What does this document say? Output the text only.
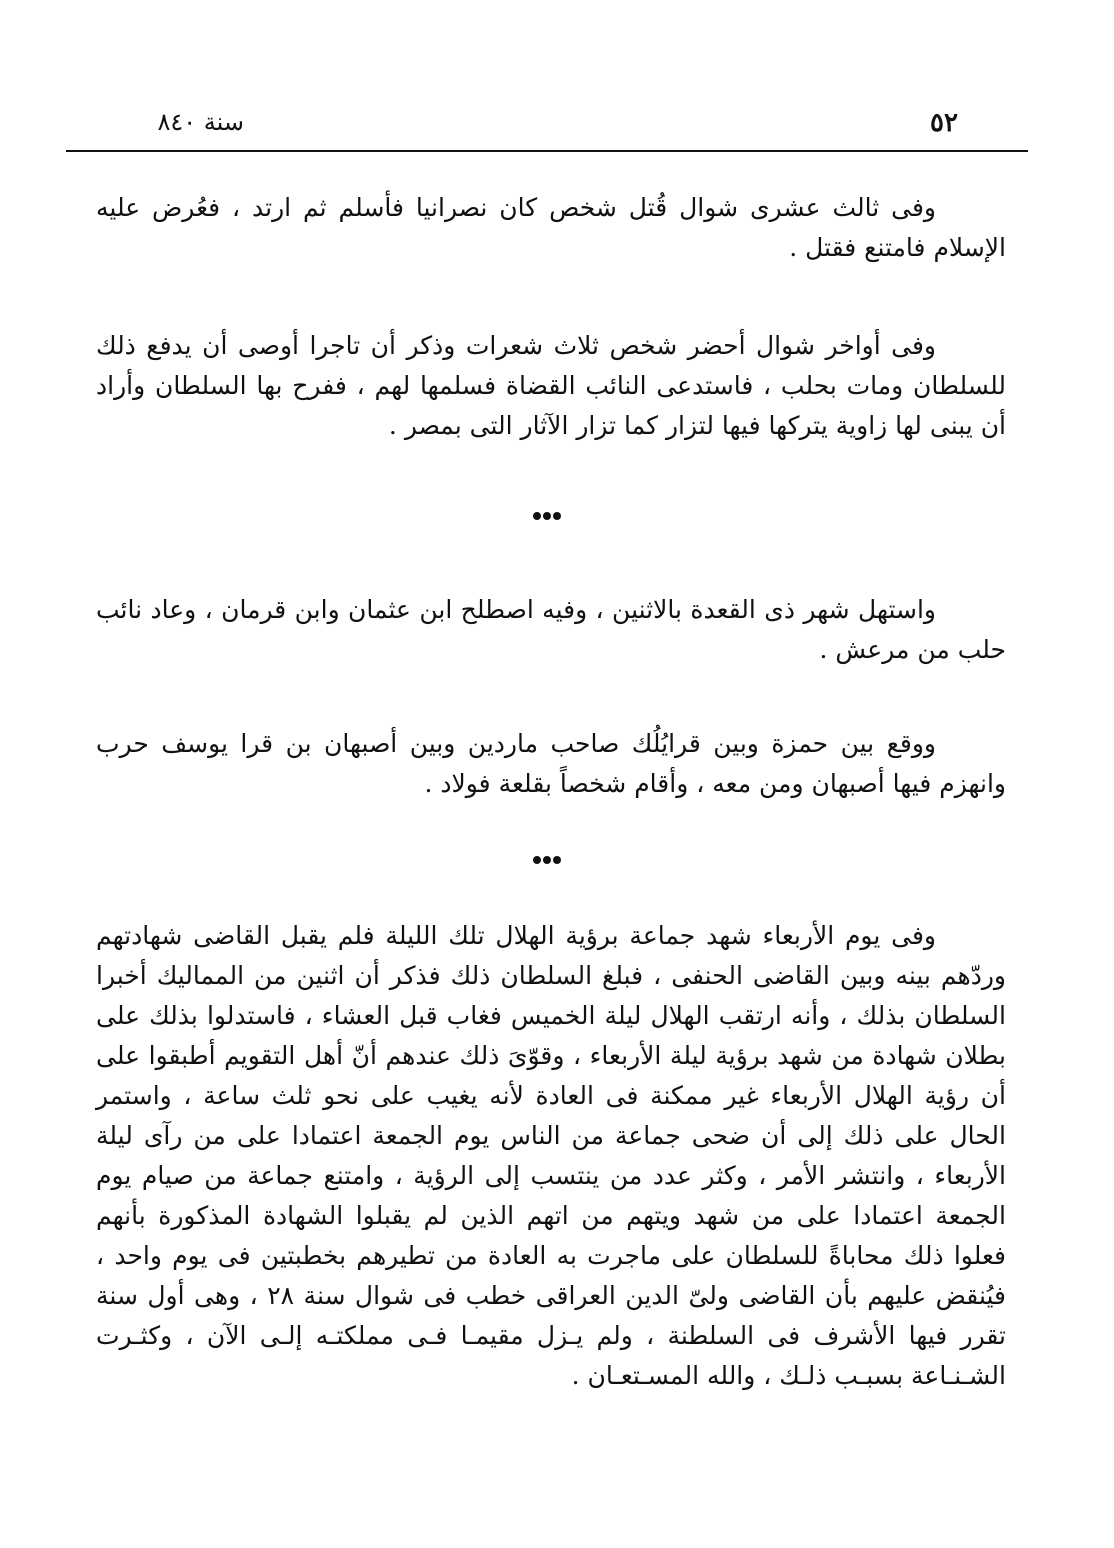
٥٢
سنة ٨٤٠
وفى ثالث عشرى شوال قُتل شخص كان نصرانيا فأسلم ثم ارتد ، فعُرض عليه الإسلام فامتنع فقتل .
وفى أواخر شوال أحضر شخص ثلاث شعرات وذكر أن تاجرا أوصى أن يدفع ذلك للسلطان ومات بحلب ، فاستدعى النائب القضاة فسلمها لهم ، ففرح بها السلطان وأراد أن يبنى لها زاوية يتركها فيها لتزار كما تزار الآثار التى بمصر .
واستهل شهر ذى القعدة بالاثنين ، وفيه اصطلح ابن عثمان وابن قرمان ، وعاد نائب حلب من مرعش .
ووقع بين حمزة وبين قرايُلُك صاحب ماردين وبين أصبهان بن قرا يوسف حرب وانهزم فيها أصبهان ومن معه ، وأقام شخصاً بقلعة فولاد .
وفى يوم الأربعاء شهد جماعة برؤية الهلال تلك الليلة فلم يقبل القاضى شهادتهم وردّهم بينه وبين القاضى الحنفى ، فبلغ السلطان ذلك فذكر أن اثنين من المماليك أخبرا السلطان بذلك ، وأنه ارتقب الهلال ليلة الخميس فغاب قبل العشاء ، فاستدلوا بذلك على بطلان شهادة من شهد برؤية ليلة الأربعاء ، وقوّىَ ذلك عندهم أنّ أهل التقويم أطبقوا على أن رؤية الهلال الأربعاء غير ممكنة فى العادة لأنه يغيب على نحو ثلث ساعة ، واستمر الحال على ذلك إلى أن ضحى جماعة من الناس يوم الجمعة اعتمادا على من رآى ليلة الأربعاء ، وانتشر الأمر ، وكثر عدد من ينتسب إلى الرؤية ، وامتنع جماعة من صيام يوم الجمعة اعتمادا على من شهد ويتهم من اتهم الذين لم يقبلوا الشهادة المذكورة بأنهم فعلوا ذلك محاباةً للسلطان على ماجرت به العادة من تطيرهم بخطبتين فى يوم واحد ، فيُنقض عليهم بأن القاضى ولىّ الدين العراقى خطب فى شوال سنة ٢٨ ، وهى أول سنة تقرر فيها الأشرف فى السلطنة ، ولم يـزل مقيمـا فـى مملكتـه إلـى الآن ، وكثـرت الشـنـاعة بسبـب ذلـك ، والله المسـتعـان .
